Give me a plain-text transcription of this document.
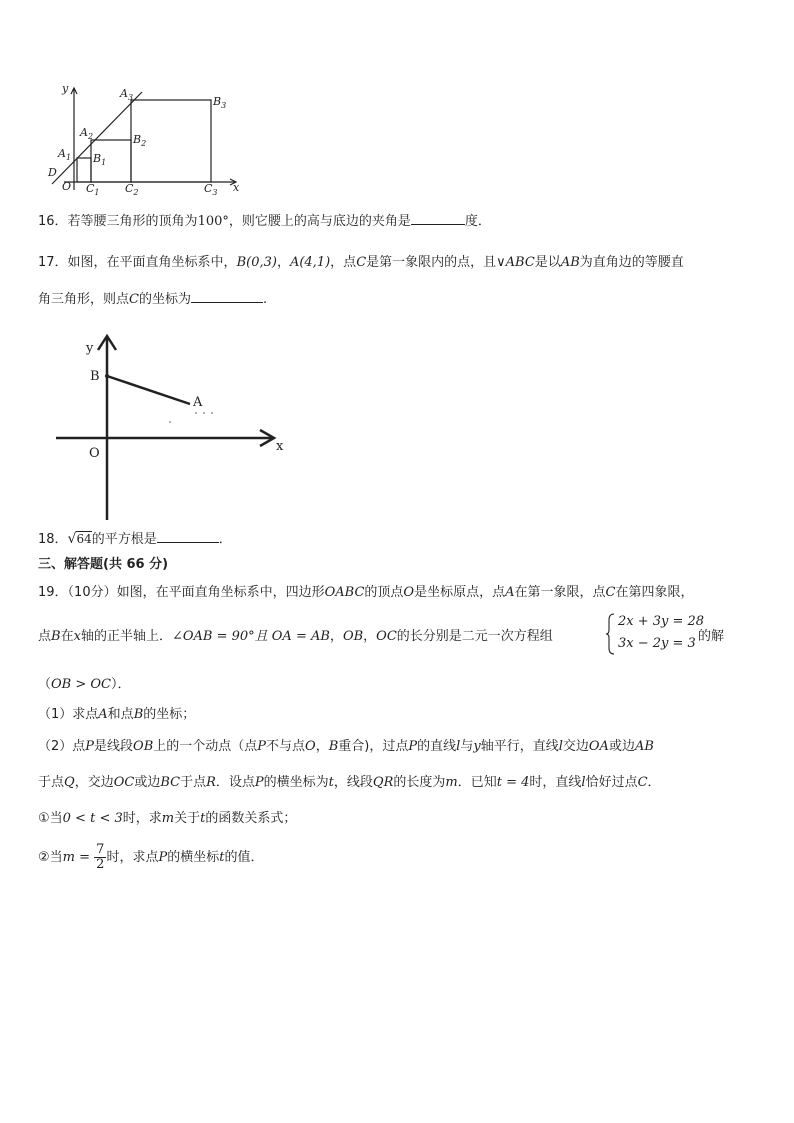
y
x
O
D
$A_1$
$A_2$
$A_3$
$B_1$
$B_2$
$B_3$
$C_1$ $C_2$	$C_3$
16．若等腰三角形的顶角为100°，则它腰上的高与底边的夹角是	度．
17．如图，在平面直角坐标系中，B(0,3)，A(4,1)，点C是第一象限内的点，且∨ABC是以AB为直角边的等腰直
角三角形，则点C的坐标为	.
y
x
O
B
A
18．√64的平方根是	．
三、解答题(共 66 分)
19．（10分）如图，在平面直角坐标系中，四边形OABC的顶点O是坐标原点，点A在第一象限，点C在第四象限，
点B在x轴的正半轴上．∠OAB = 90°且 OA = AB，OB，OC的长分别是二元一次方程组
2x + 3y = 28
3x − 2y = 3 的解
（OB > OC）．
（1）求点A和点B的坐标；
（2）点P是线段OB上的一个动点（点P不与点O，B重合)，过点P的直线l与y轴平行，直线l交边OA或边AB
于点Q，交边OC或边BC于点R．设点P的横坐标为t，线段QR的长度为m．已知t = 4时，直线l恰好过点C．
①当0 < t < 3时，求m关于t的函数关系式；
②当$m = \frac{7}{2}$ 时，求点P的横坐标t的值．
